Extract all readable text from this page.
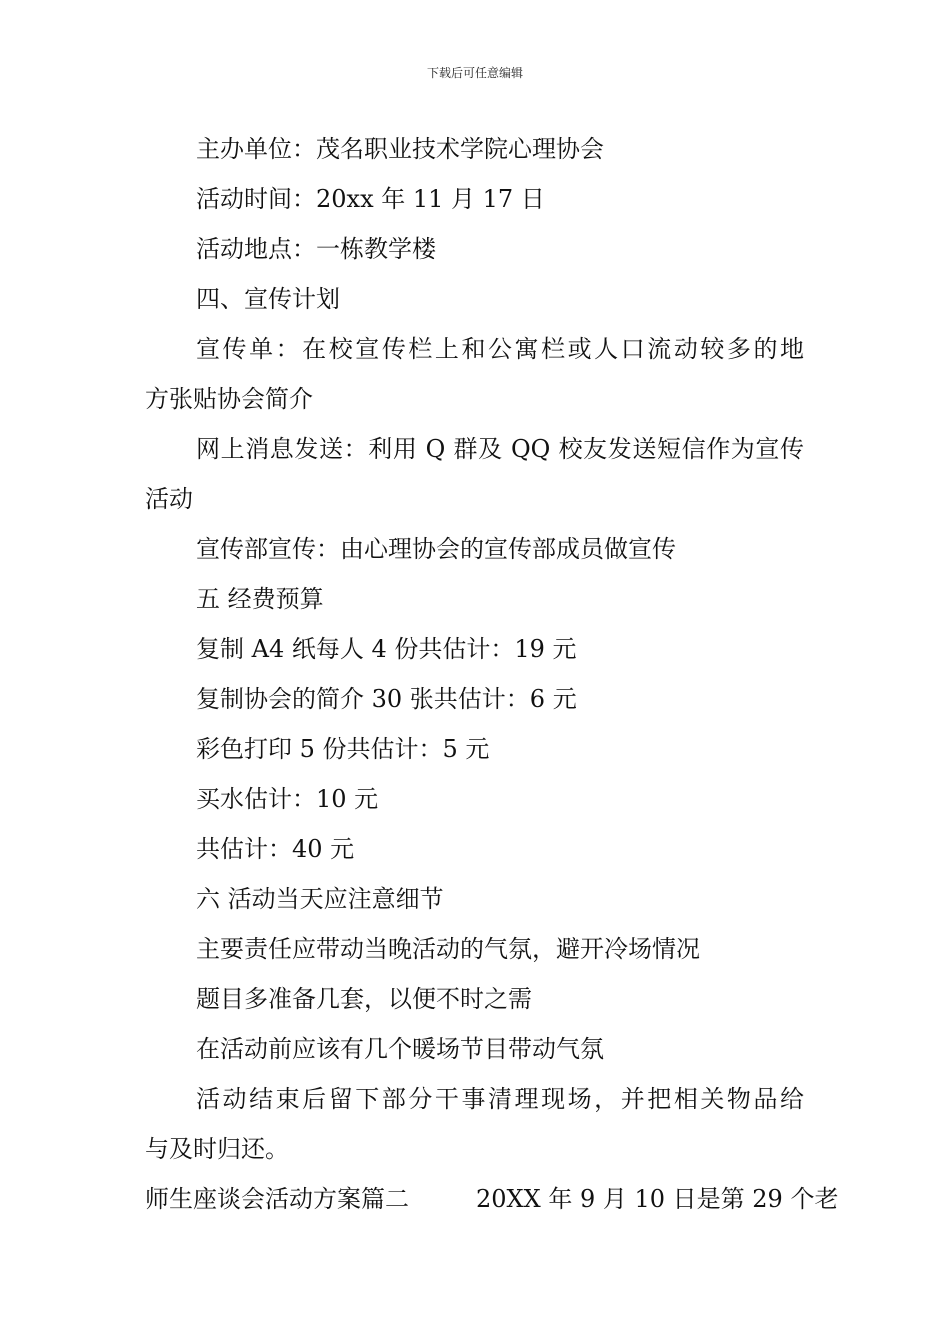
下载后可任意编辑
主办单位：茂名职业技术学院心理协会
活动时间：20xx 年 11 月 17 日
活动地点：一栋教学楼
四、宣传计划
宣传单：在校宣传栏上和公寓栏或人口流动较多的地
方张贴协会简介
网上消息发送：利用 Q 群及 QQ 校友发送短信作为宣传
活动
宣传部宣传：由心理协会的宣传部成员做宣传
五 经费预算
复制 A4 纸每人 4 份共估计：19 元
复制协会的简介 30 张共估计：6 元
彩色打印 5 份共估计：5 元
买水估计：10 元
共估计：40 元
六 活动当天应注意细节
主要责任应带动当晚活动的气氛，避开冷场情况
题目多准备几套，以便不时之需
在活动前应该有几个暖场节目带动气氛
活动结束后留下部分干事清理现场，并把相关物品给
与及时归还。
师生座谈会活动方案篇二	20XX 年 9 月 10 日是第 29 个老
